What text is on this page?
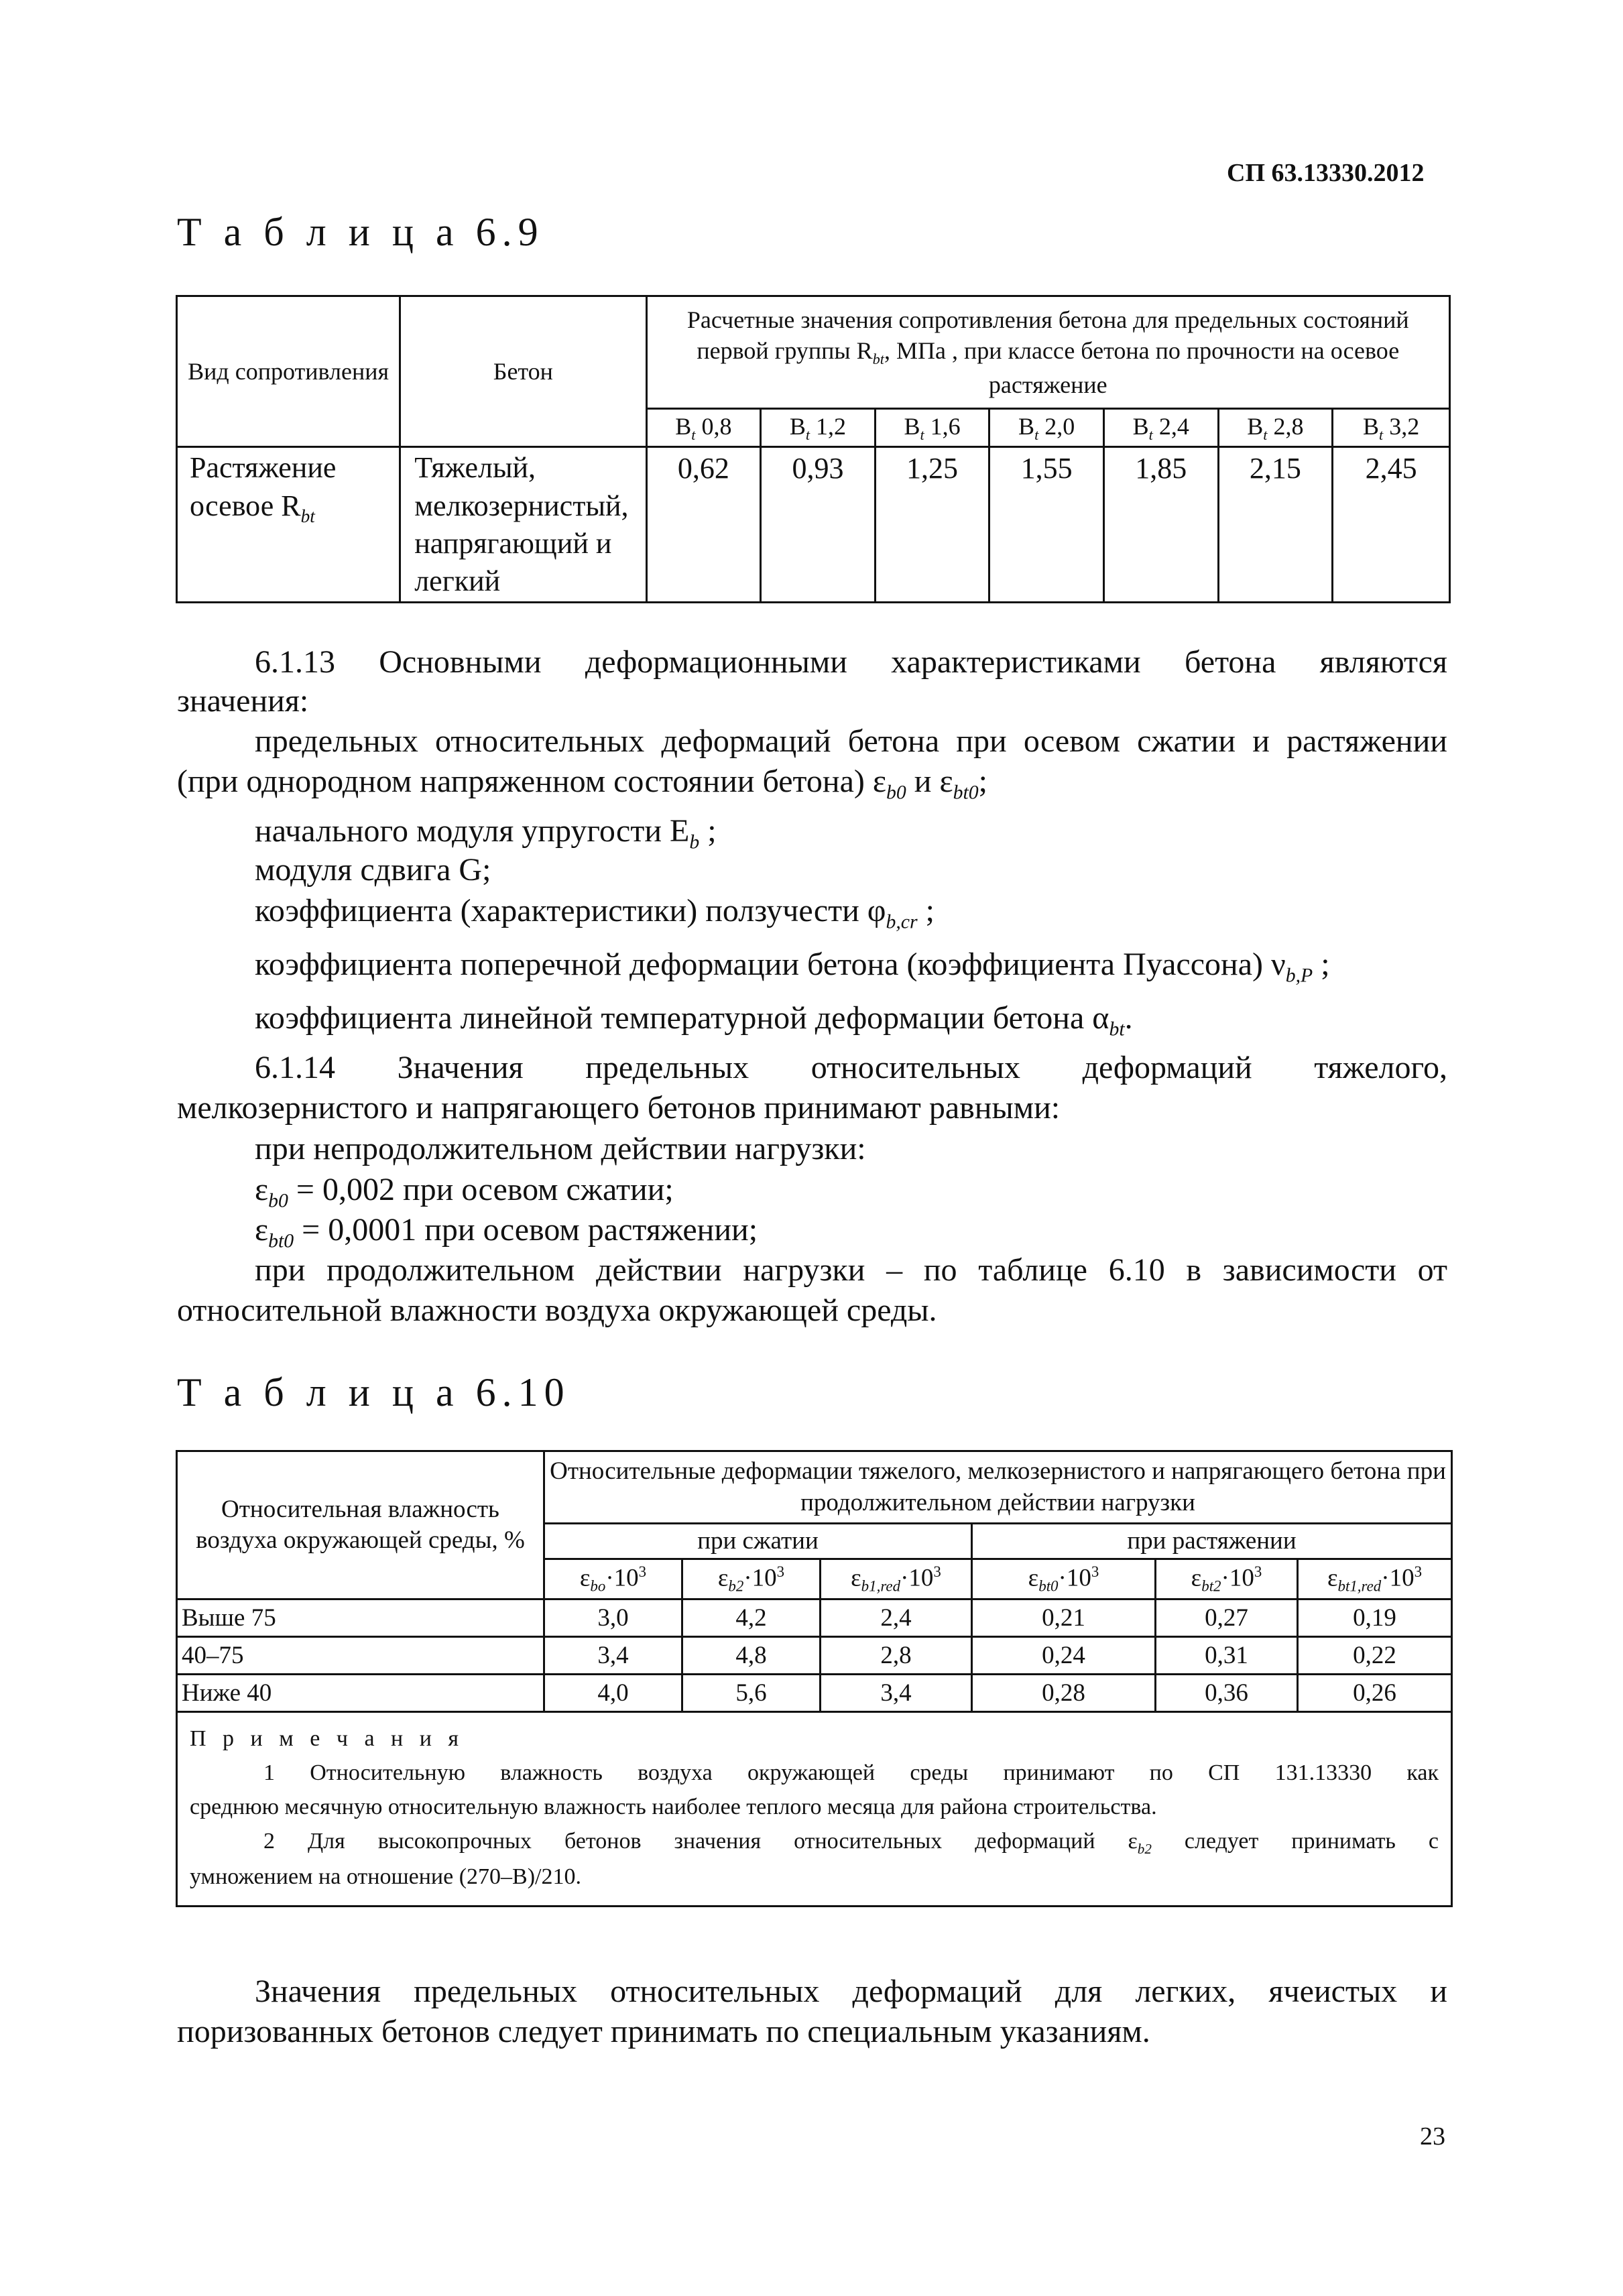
СП 63.13330.2012
Т а б л и ц а 6.9
Вид сопротивления	Бетон	Расчетные значения сопротивления бетона для предельных состояний первой группы $R_{bt}$, МПа , при классе бетона по прочности на осевое растяжение						
		$B_t$ 0,8	$B_t$ 1,2	$B_t$ 1,6	$B_t$ 2,0	$B_t$ 2,4	$B_t$ 2,8	$B_t$ 3,2
Растяжение осевое $R_{bt}$	Тяжелый, мелкозернистый, напрягающий и легкий	0,62	0,93	1,25	1,55	1,85	2,15	2,45
6.1.13 Основными деформационными характеристиками бетона являются
значения:
предельных относительных деформаций бетона при осевом сжатии и растяжении
(при однородном напряженном состоянии бетона) $\varepsilon_{b0}$ и $\varepsilon_{bt0}$;
начального модуля упругости $E_b$ ;
модуля сдвига G;
коэффициента (характеристики) ползучести $\varphi_{b,cr}$ ;
коэффициента поперечной деформации бетона (коэффициента Пуассона) $\nu_{b,P}$ ;
коэффициента линейной температурной деформации бетона $\alpha_{bt}$.
6.1.14 Значения предельных относительных деформаций тяжелого,
мелкозернистого и напрягающего бетонов принимают равными:
при непродолжительном действии нагрузки:
$\varepsilon_{b0} = 0,002$ при осевом сжатии;
$\varepsilon_{bt0} = 0,0001$ при осевом растяжении;
при продолжительном действии нагрузки – по таблице 6.10 в зависимости от
относительной влажности воздуха окружающей среды.
Т а б л и ц а 6.10
Относительная влажность воздуха окружающей среды, %	Относительные деформации тяжелого, мелкозернистого и напрягающего бетона при продолжительном действии нагрузки					
	при сжатии			при растяжении		
	$\varepsilon_{bo}\cdot 10^3$	$\varepsilon_{b2}\cdot 10^3$	$\varepsilon_{b1,red}\cdot 10^3$	$\varepsilon_{bt0}\cdot 10^3$	$\varepsilon_{bt2}\cdot 10^3$	$\varepsilon_{bt1,red}\cdot 10^3$
Выше 75	3,0	4,2	2,4	0,21	0,27	0,19
40–75	3,4	4,8	2,8	0,24	0,31	0,22
Ниже 40	4,0	5,6	3,4	0,28	0,36	0,26

П р и м е ч а н и я
1 Относительную влажность воздуха окружающей среды принимают по СП 131.13330 как
среднюю месячную относительную влажность наиболее теплого месяца для района строительства.
2 Для высокопрочных бетонов значения относительных деформаций $\varepsilon_{b2}$ следует принимать с
умножением на отношение (270–В)/210.						
Значения предельных относительных деформаций для легких, ячеистых и
поризованных бетонов следует принимать по специальным указаниям.
23
